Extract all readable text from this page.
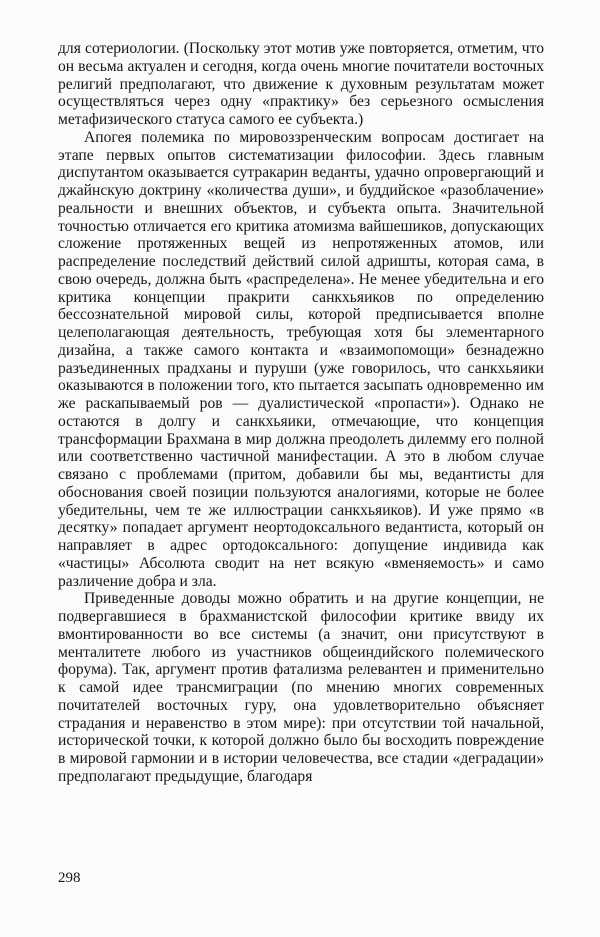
для сотериологии. (Поскольку этот мотив уже повторяется, отметим, что он весьма актуален и сегодня, когда очень многие почитатели восточных религий предполагают, что движение к духовным результатам может осуществляться через одну «практику» без серьезного осмысления метафизического статуса самого ее субъекта.)

Апогея полемика по мировоззренческим вопросам достигает на этапе первых опытов систематизации философии. Здесь главным диспутантом оказывается сутракарин веданты, удачно опровергающий и джайнскую доктрину «количества души», и буддийское «разоблачение» реальности и внешних объектов, и субъекта опыта. Значительной точностью отличается его критика атомизма вайшешиков, допускающих сложение протяженных вещей из непротяженных атомов, или распределение последствий действий силой адришты, которая сама, в свою очередь, должна быть «распределена». Не менее убедительна и его критика концепции пракрити санкхьяиков по определению бессознательной мировой силы, которой предписывается вполне целеполагающая деятельность, требующая хотя бы элементарного дизайна, а также самого контакта и «взаимопомощи» безнадежно разъединенных прадханы и пуруши (уже говорилось, что санкхьяики оказываются в положении того, кто пытается засыпать одновременно им же раскапываемый ров — дуалистической «пропасти»). Однако не остаются в долгу и санкхьяики, отмечающие, что концепция трансформации Брахмана в мир должна преодолеть дилемму его полной или соответственно частичной манифестации. А это в любом случае связано с проблемами (притом, добавили бы мы, ведантисты для обоснования своей позиции пользуются аналогиями, которые не более убедительны, чем те же иллюстрации санкхьяиков). И уже прямо «в десятку» попадает аргумент неортодоксального ведантиста, который он направляет в адрес ортодоксального: допущение индивида как «частицы» Абсолюта сводит на нет всякую «вменяемость» и само различение добра и зла.

Приведенные доводы можно обратить и на другие концепции, не подвергавшиеся в брахманистской философии критике ввиду их вмонтированности во все системы (а значит, они присутствуют в менталитете любого из участников общеиндийского полемического форума). Так, аргумент против фатализма релевантен и применительно к самой идее трансмиграции (по мнению многих современных почитателей восточных гуру, она удовлетворительно объясняет страдания и неравенство в этом мире): при отсутствии той начальной, исторической точки, к которой должно было бы восходить повреждение в мировой гармонии и в истории человечества, все стадии «деградации» предполагают предыдущие, благодаря

298
